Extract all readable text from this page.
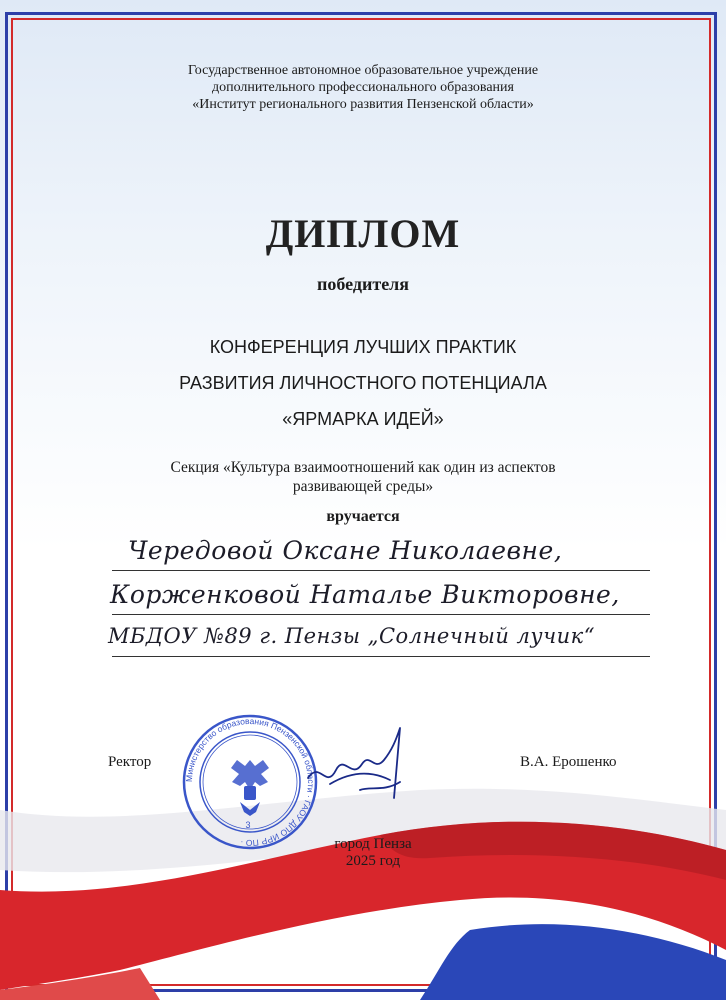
Государственное автономное образовательное учреждение
дополнительного профессионального образования
«Институт регионального развития Пензенской области»
ДИПЛОМ
победителя
КОНФЕРЕНЦИЯ ЛУЧШИХ ПРАКТИК
РАЗВИТИЯ ЛИЧНОСТНОГО ПОТЕНЦИАЛА
«ЯРМАРКА ИДЕЙ»
Секция «Культура взаимоотношений как один из аспектов
развивающей среды»
вручается
Чередовой Оксане Николаевне,
Корженковой Наталье Викторовне,
МБДОУ №89 г. Пензы „Солнечный лучик“
Ректор	В.А. Ерошенко
Министерство образования Пензенской области · ГАОУ ДПО ИРР ПО ·
3
город Пенза
2025 год
